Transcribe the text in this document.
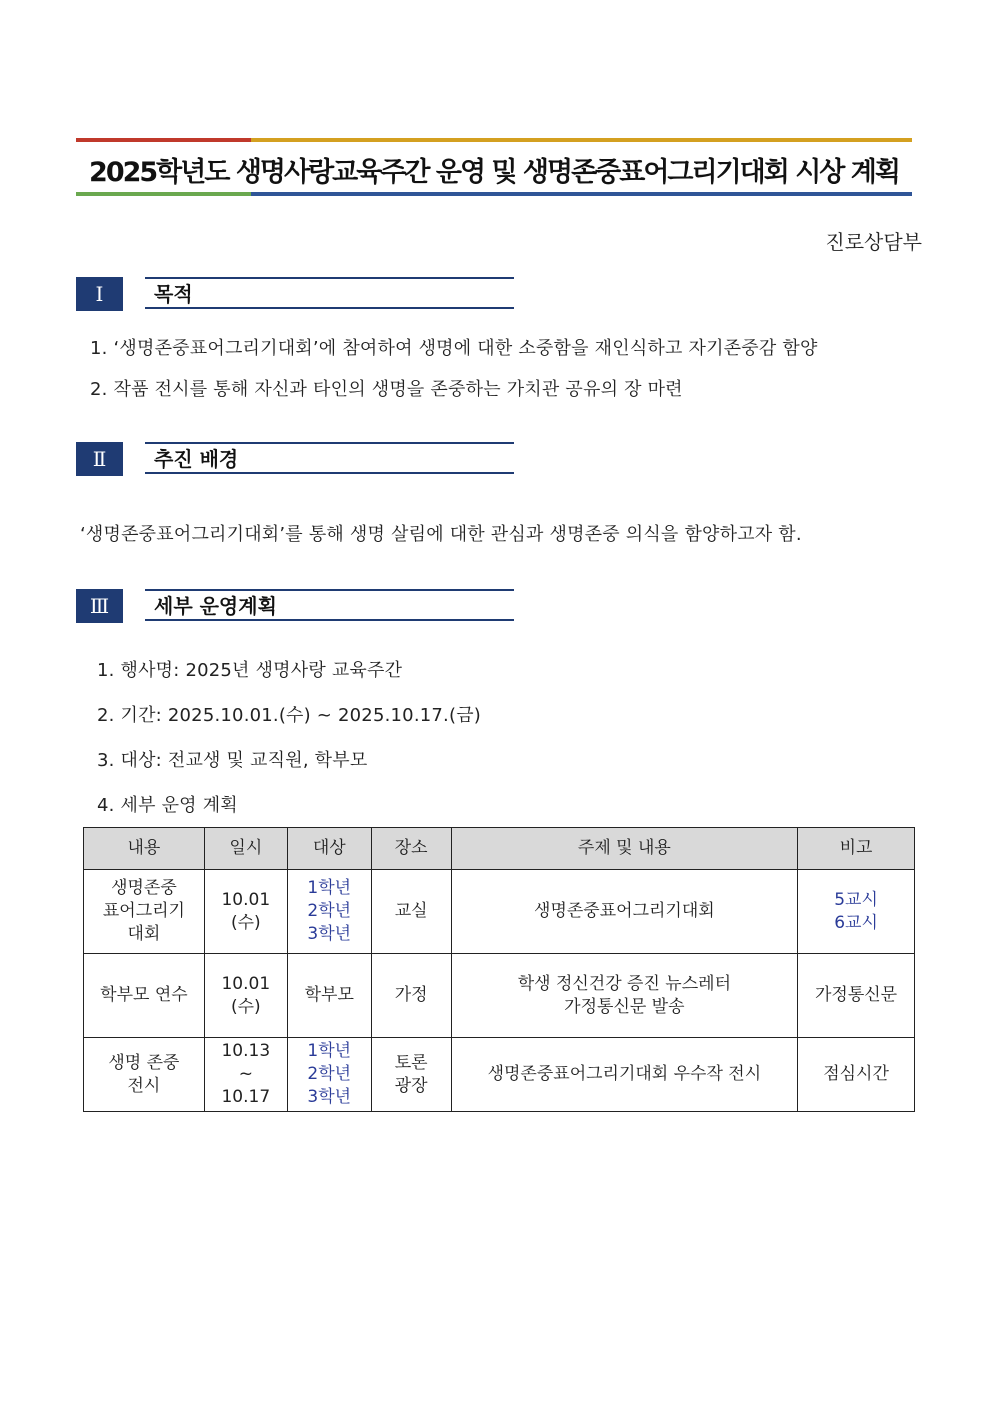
2025학년도 생명사랑교육주간 운영 및 생명존중표어그리기대회 시상 계획
진로상담부
Ⅰ	목적
1. ‘생명존중표어그리기대회’에 참여하여 생명에 대한 소중함을 재인식하고 자기존중감 함양
2. 작품 전시를 통해 자신과 타인의 생명을 존중하는 가치관 공유의 장 마련
Ⅱ	추진 배경
‘생명존중표어그리기대회’를 통해 생명 살림에 대한 관심과 생명존중 의식을 함양하고자 함.
Ⅲ	세부 운영계획
1. 행사명: 2025년 생명사랑 교육주간
2. 기간: 2025.10.01.(수) ~ 2025.10.17.(금)
3. 대상: 전교생 및 교직원, 학부모
4. 세부 운영 계획
내용	일시	대상	장소	주제 및 내용	비고

생명존중
표어그리기
대회	10.01
(수)	1학년
2학년
3학년	교실	생명존중표어그리기대회	5교시
6교시

학부모 연수	10.01
(수)	학부모	가정	학생 정신건강 증진 뉴스레터
가정통신문 발송	가정통신문

생명 존중
전시	10.13
~
10.17	1학년
2학년
3학년	토론
광장	생명존중표어그리기대회 우수작 전시	점심시간
